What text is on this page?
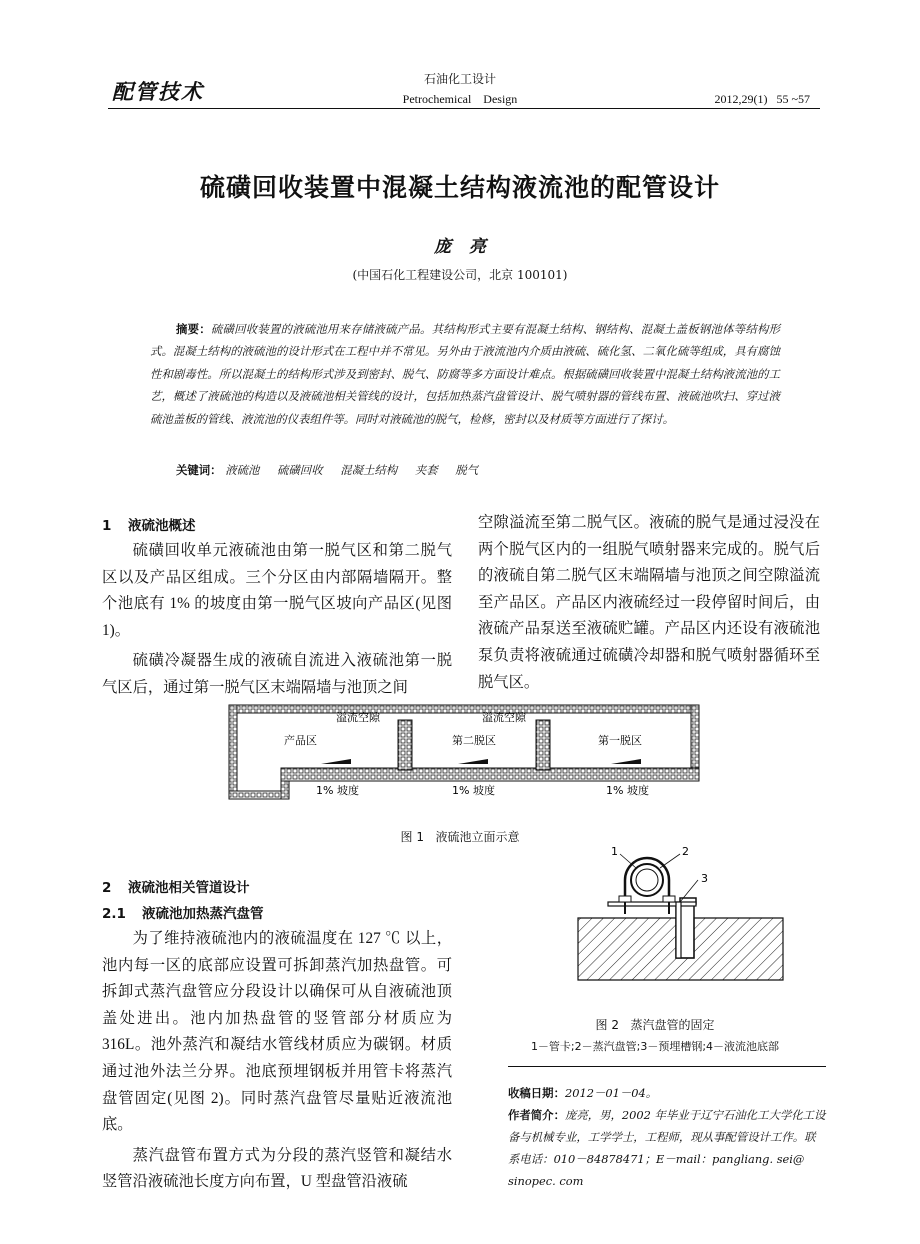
配管技术	石油化工设计
Petrochemical    Design	2012,29(1)   55 ~57
硫磺回收装置中混凝土结构液流池的配管设计
庞   亮
(中国石化工程建设公司，北京 100101)
摘要：硫磺回收装置的液硫池用来存储液硫产品。其结构形式主要有混凝土结构、钢结构、混凝土盖板钢池体等结构形式。混凝土结构的液硫池的设计形式在工程中并不常见。另外由于液流池内介质由液硫、硫化氢、二氧化硫等组成，具有腐蚀性和剧毒性。所以混凝土的结构形式涉及到密封、脱气、防腐等多方面设计难点。根据硫磺回收装置中混凝土结构液流池的工艺，概述了液硫池的构造以及液硫池相关管线的设计，包括加热蒸汽盘管设计、脱气喷射器的管线布置、液硫池吹扫、穿过液硫池盖板的管线、液流池的仪表组件等。同时对液硫池的脱气，检修，密封以及材质等方面进行了探讨。
关键词： 液硫池 硫磺回收 混凝土结构 夹套 脱气
1 液硫池概述

硫磺回收单元液硫池由第一脱气区和第二脱气区以及产品区组成。三个分区由内部隔墙隔开。整个池底有 1% 的坡度由第一脱气区坡向产品区(见图 1)。

硫磺冷凝器生成的液硫自流进入液硫池第一脱气区后，通过第一脱气区末端隔墙与池顶之间

空隙溢流至第二脱气区。液硫的脱气是通过浸没在两个脱气区内的一组脱气喷射器来完成的。脱气后的液硫自第二脱气区末端隔墙与池顶之间空隙溢流至产品区。产品区内液硫经过一段停留时间后，由液硫产品泵送至液硫贮罐。产品区内还设有液硫池泵负责将液硫通过硫磺冷却器和脱气喷射器循环至脱气区。

溢流空隙	溢流空隙
产品区	第二脱区	第一脱区
1% 坡度	1% 坡度	1% 坡度
图 1   液硫池立面示意
2 液硫池相关管道设计
2.1 液硫池加热蒸汽盘管

为了维持液硫池内的液硫温度在 127 ℃ 以上，池内每一区的底部应设置可拆卸蒸汽加热盘管。可拆卸式蒸汽盘管应分段设计以确保可从自液硫池顶盖处进出。池内加热盘管的竖管部分材质应为 316L。池外蒸汽和凝结水管线材质应为碳钢。材质通过池外法兰分界。池底预埋钢板并用管卡将蒸汽盘管固定(见图 2)。同时蒸汽盘管尽量贴近液流池底。

蒸汽盘管布置方式为分段的蒸汽竖管和凝结水竖管沿液硫池长度方向布置，U 型盘管沿液硫

1	2
3
图 2   蒸汽盘管的固定
1－管卡;2－蒸汽盘管;3－预埋槽钢;4－液流池底部
收稿日期：2012－01－04。
作者简介：庞亮，男，2002 年毕业于辽宁石油化工大学化工设备与机械专业，工学学士，工程师，现从事配管设计工作。联系电话：010－84878471；E－mail：pangliang. sei@ sinopec. com
